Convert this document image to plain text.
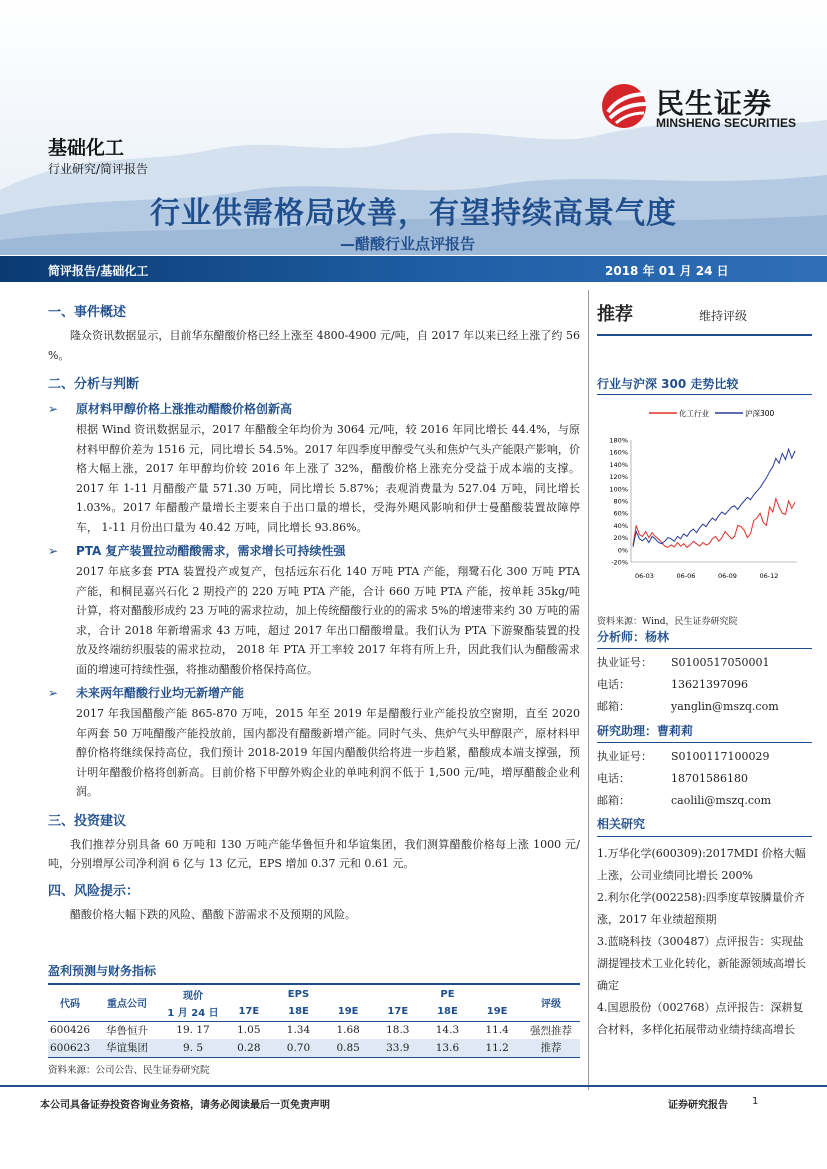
民生证券
MINSHENG SECURITIES
基础化工
行业研究/简评报告
行业供需格局改善，有望持续高景气度
—醋酸行业点评报告
简评报告/基础化工	2018 年 01 月 24 日
一、事件概述
隆众资讯数据显示，目前华东醋酸价格已经上涨至 4800-4900 元/吨，自 2017 年以来已经上涨了约 56 %。
二、分析与判断
➢ 原材料甲醇价格上涨推动醋酸价格创新高
根据 Wind 资讯数据显示，2017 年醋酸全年均价为 3064 元/吨，较 2016 年同比增长 44.4%，与原材料甲醇价差为 1516 元，同比增长 54.5%。2017 年四季度甲醇受气头和焦炉气头产能限产影响，价格大幅上涨，2017 年甲醇均价较 2016 年上涨了 32%，醋酸价格上涨充分受益于成本端的支撑。2017 年 1-11 月醋酸产量 571.30 万吨，同比增长 5.87%；表观消费量为 527.04 万吨，同比增长 1.03%。2017 年醋酸产量增长主要来自于出口量的增长，受海外飓风影响和伊士曼醋酸装置故障停车， 1-11 月份出口量为 40.42 万吨，同比增长 93.86%。
➢ PTA 复产装置拉动醋酸需求，需求增长可持续性强
2017 年底多套 PTA 装置投产或复产，包括远东石化 140 万吨 PTA 产能，翔鹭石化 300 万吨 PTA 产能，和桐昆嘉兴石化 2 期投产的 220 万吨 PTA 产能，合计 660 万吨 PTA 产能，按单耗 35kg/吨计算，将对醋酸形成约 23 万吨的需求拉动，加上传统醋酸行业的的需求 5%的增速带来约 30 万吨的需求，合计 2018 年新增需求 43 万吨，超过 2017 年出口醋酸增量。我们认为 PTA 下游聚酯装置的投放及终端纺织服装的需求拉动， 2018 年 PTA 开工率较 2017 年将有所上升，因此我们认为醋酸需求面的增速可持续性强，将推动醋酸价格保持高位。
➢ 未来两年醋酸行业均无新增产能
2017 年我国醋酸产能 865-870 万吨，2015 年至 2019 年是醋酸行业产能投放空窗期，直至 2020 年两套 50 万吨醋酸产能投放前，国内都没有醋酸新增产能。同时气头、焦炉气头甲醇限产，原材料甲醇价格将继续保持高位，我们预计 2018-2019 年国内醋酸供给将进一步趋紧，醋酸成本端支撑强，预计明年醋酸价格将创新高。目前价格下甲醇外购企业的单吨利润不低于 1,500 元/吨，增厚醋酸企业利润。
三、投资建议
我们推荐分别具备 60 万吨和 130 万吨产能华鲁恒升和华谊集团，我们测算醋酸价格每上涨 1000 元/吨，分别增厚公司净利润 6 亿与 13 亿元，EPS 增加 0.37 元和 0.61 元。
四、风险提示：
醋酸价格大幅下跌的风险、醋酸下游需求不及预期的风险。
盈利预测与财务指标
代码	重点公司	现价	EPS			PE			评级
		1 月 24 日	17E	18E	19E	17E	18E	19E	
600426	华鲁恒升	19. 17	1.05	1.34	1.68	18.3	14.3	11.4	强烈推荐
600623	华谊集团	9. 5	0.28	0.70	0.85	33.9	13.6	11.2	推荐
资料来源：公司公告、民生证券研究院
推荐	维持评级
行业与沪深 300 走势比较
化工行业	沪深300
180%
160%
140%
120%
100%
80%
60%
40%
20%
0%
-20%
06-03	06-06	06-09	06-12
资料来源：Wind，民生证券研究院
分析师：杨林
执业证号：	S0100517050001
电话：	13621397096
邮箱：	yanglin@mszq.com
研究助理：曹莉莉
执业证号：	S0100117100029
电话：	18701586180
邮箱：	caolili@mszq.com
相关研究
1.万华化学(600309):2017MDI 价格大幅上涨，公司业绩同比增长 200%
2.利尔化学(002258):四季度草铵膦量价齐涨，2017 年业绩超预期
3.蓝晓科技（300487）点评报告：实现盐湖提锂技术工业化转化，新能源领域高增长确定
4.国恩股份（002768）点评报告：深耕复合材料，多样化拓展带动业绩持续高增长
本公司具备证券投资咨询业务资格，请务必阅读最后一页免责声明	证券研究报告 1
